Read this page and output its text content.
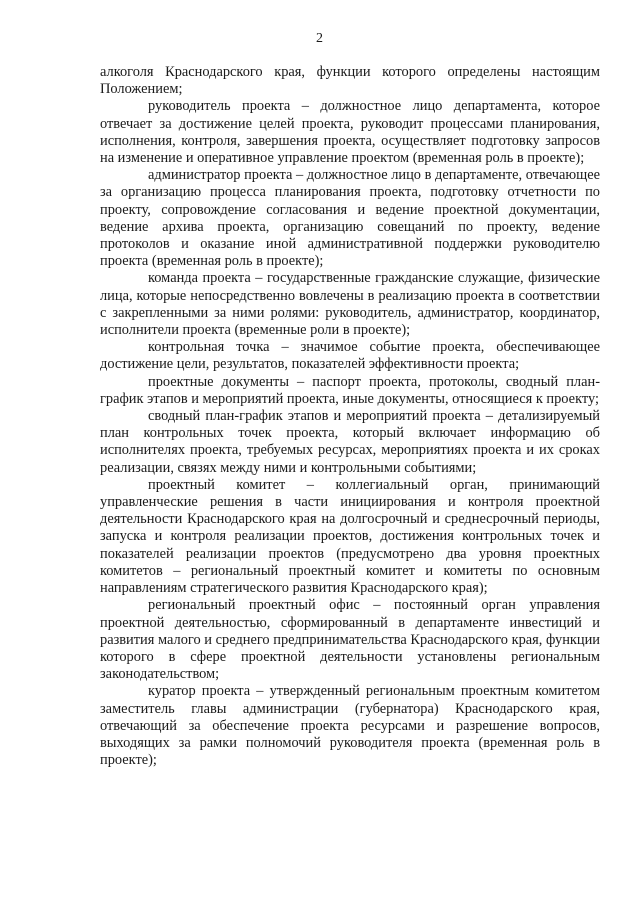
2

алкоголя Краснодарского края, функции которого определены настоящим Положением;

руководитель проекта – должностное лицо департамента, которое отвечает за достижение целей проекта, руководит процессами планирования, исполнения, контроля, завершения проекта, осуществляет подготовку запросов на изменение и оперативное управление проектом (временная роль в проекте);

администратор проекта – должностное лицо в департаменте, отвечающее за организацию процесса планирования проекта, подготовку отчетности по проекту, сопровождение согласования и ведение проектной документации, ведение архива проекта, организацию совещаний по проекту, ведение протоколов и оказание иной административной поддержки руководителю проекта (временная роль в проекте);

команда проекта – государственные гражданские служащие, физические лица, которые непосредственно вовлечены в реализацию проекта в соответствии с закрепленными за ними ролями: руководитель, администратор, координатор, исполнители проекта (временные роли в проекте);

контрольная точка – значимое событие проекта, обеспечивающее достижение цели, результатов, показателей эффективности проекта;

проектные документы – паспорт проекта, протоколы, сводный план-график этапов и мероприятий проекта, иные документы, относящиеся к проекту;

сводный план-график этапов и мероприятий проекта – детализируемый план контрольных точек проекта, который включает информацию об исполнителях проекта, требуемых ресурсах, мероприятиях проекта и их сроках реализации, связях между ними и контрольными событиями;

проектный комитет – коллегиальный орган, принимающий управленческие решения в части инициирования и контроля проектной деятельности Краснодарского края на долгосрочный и среднесрочный периоды, запуска и контроля реализации проектов, достижения контрольных точек и показателей реализации проектов (предусмотрено два уровня проектных комитетов – региональный проектный комитет и комитеты по основным направлениям стратегического развития Краснодарского края);

региональный проектный офис – постоянный орган управления проектной деятельностью, сформированный в департаменте инвестиций и развития малого и среднего предпринимательства Краснодарского края, функции которого в сфере проектной деятельности установлены региональным законодательством;

куратор проекта – утвержденный региональным проектным комитетом заместитель главы администрации (губернатора) Краснодарского края, отвечающий за обеспечение проекта ресурсами и разрешение вопросов, выходящих за рамки полномочий руководителя проекта (временная роль в проекте);
